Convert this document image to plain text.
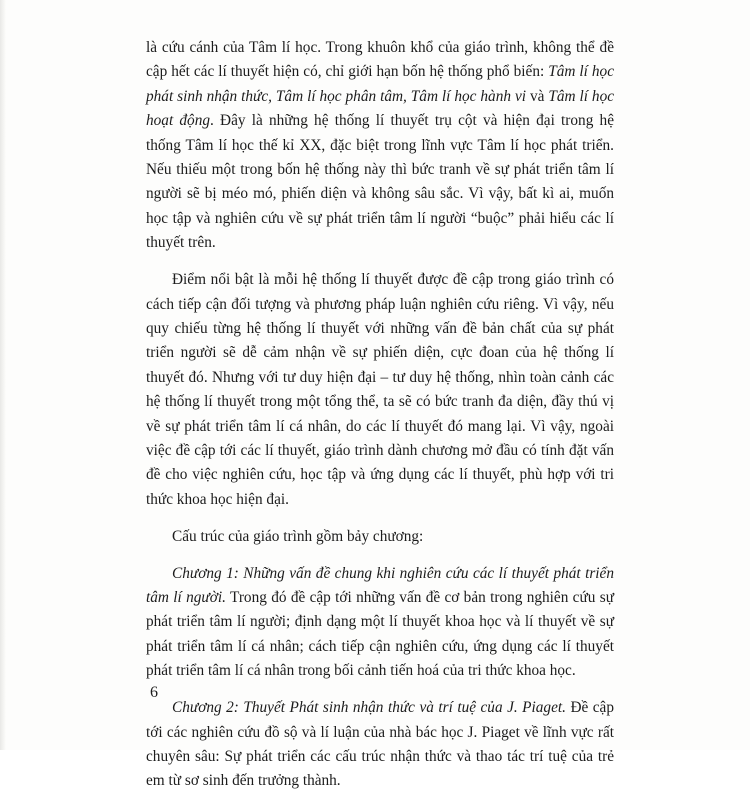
là cứu cánh của Tâm lí học. Trong khuôn khổ của giáo trình, không thể đề cập hết các lí thuyết hiện có, chỉ giới hạn bốn hệ thống phổ biến: Tâm lí học phát sinh nhận thức, Tâm lí học phân tâm, Tâm lí học hành vi và Tâm lí học hoạt động. Đây là những hệ thống lí thuyết trụ cột và hiện đại trong hệ thống Tâm lí học thế kỉ XX, đặc biệt trong lĩnh vực Tâm lí học phát triển. Nếu thiếu một trong bốn hệ thống này thì bức tranh về sự phát triển tâm lí người sẽ bị méo mó, phiến diện và không sâu sắc. Vì vậy, bất kì ai, muốn học tập và nghiên cứu về sự phát triển tâm lí người “buộc” phải hiểu các lí thuyết trên.

Điểm nổi bật là mỗi hệ thống lí thuyết được đề cập trong giáo trình có cách tiếp cận đối tượng và phương pháp luận nghiên cứu riêng. Vì vậy, nếu quy chiếu từng hệ thống lí thuyết với những vấn đề bản chất của sự phát triển người sẽ dễ cảm nhận về sự phiến diện, cực đoan của hệ thống lí thuyết đó. Nhưng với tư duy hiện đại – tư duy hệ thống, nhìn toàn cảnh các hệ thống lí thuyết trong một tổng thể, ta sẽ có bức tranh đa diện, đầy thú vị về sự phát triển tâm lí cá nhân, do các lí thuyết đó mang lại. Vì vậy, ngoài việc đề cập tới các lí thuyết, giáo trình dành chương mở đầu có tính đặt vấn đề cho việc nghiên cứu, học tập và ứng dụng các lí thuyết, phù hợp với tri thức khoa học hiện đại.

Cấu trúc của giáo trình gồm bảy chương:

Chương 1: Những vấn đề chung khi nghiên cứu các lí thuyết phát triển tâm lí người. Trong đó đề cập tới những vấn đề cơ bản trong nghiên cứu sự phát triển tâm lí người; định dạng một lí thuyết khoa học và lí thuyết về sự phát triển tâm lí cá nhân; cách tiếp cận nghiên cứu, ứng dụng các lí thuyết phát triển tâm lí cá nhân trong bối cảnh tiến hoá của tri thức khoa học.

Chương 2: Thuyết Phát sinh nhận thức và trí tuệ của J. Piaget. Đề cập tới các nghiên cứu đồ sộ và lí luận của nhà bác học J. Piaget về lĩnh vực rất chuyên sâu: Sự phát triển các cấu trúc nhận thức và thao tác trí tuệ của trẻ em từ sơ sinh đến trưởng thành.

6
